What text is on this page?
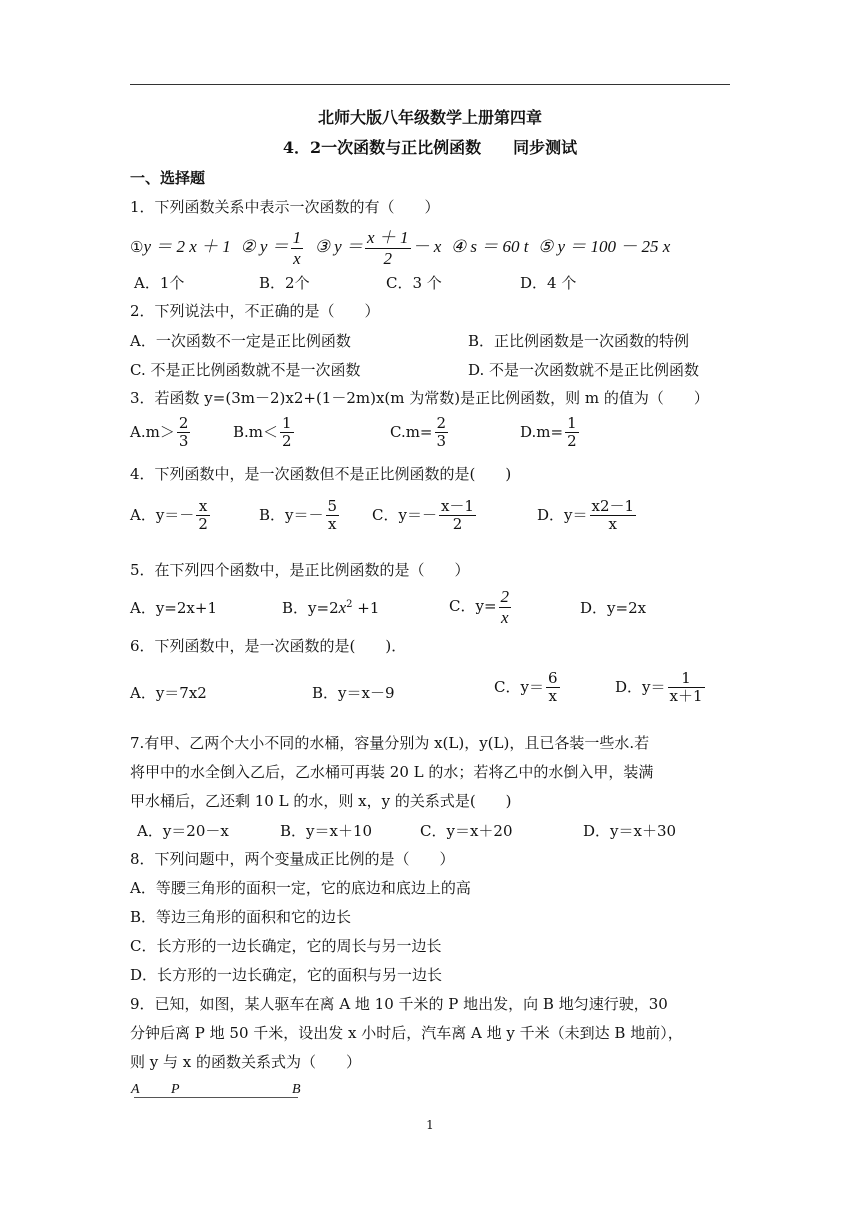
北师大版八年级数学上册第四章
4．2一次函数与正比例函数　　同步测试
一、选择题
1．下列函数关系中表示一次函数的有（　　）
①y ＝ 2 x ＋ 1 ② $y = \frac{1}{x}$ ③ $y = \frac{x + 1}{2} - x$ ④ s ＝ 60 t ⑤ y ＝ 100 － 25 x
A．1个	B．2个	C．3 个	D．4 个
2．下列说法中，不正确的是（　　）
A．一次函数不一定是正比例函数	B．正比例函数是一次函数的特例
C. 不是正比例函数就不是一次函数	D. 不是一次函数就不是正比例函数
3．若函数 y=(3m－2)x2+(1－2m)x(m 为常数)是正比例函数，则 m 的值为（　　）
$A.m> \frac{2}{3}$	$B.m< \frac{1}{2}$	$C.m= \frac{2}{3}$	$D.m= \frac{1}{2}$
4．下列函数中，是一次函数但不是正比例函数的是(　　)
A．$y=- \frac{x}{2}$	B．$y=- \frac{5}{x}$ C．$y=- \frac{x-1}{2}$	D．$y= \frac{x2-1}{x}$
5．在下列四个函数中，是正比例函数的是（　　）
A．y=2x+1	B．$y=2x^2 +1$	C．$y= \frac{2}{x}$	D．y=2x
6．下列函数中，是一次函数的是(　　)．
A．y＝7x2	B．y＝x－9	C．$y= \frac{6}{x}$	D．$y= \frac{1}{x+1}$
7.有甲、乙两个大小不同的水桶，容量分别为 x(L)，y(L)，且已各装一些水.若
将甲中的水全倒入乙后，乙水桶可再装 20 L 的水；若将乙中的水倒入甲，装满
甲水桶后，乙还剩 10 L 的水，则 x，y 的关系式是(　　)
A．y＝20－x	B．y＝x＋10	C．y＝x＋20	D．y＝x＋30
8．下列问题中，两个变量成正比例的是（　　）
A．等腰三角形的面积一定，它的底边和底边上的高
B．等边三角形的面积和它的边长
C．长方形的一边长确定，它的周长与另一边长
D．长方形的一边长确定，它的面积与另一边长
9．已知，如图，某人驱车在离 A 地 10 千米的 P 地出发，向 B 地匀速行驶，30
分钟后离 P 地 50 千米，设出发 x 小时后，汽车离 A 地 y 千米（未到达 B 地前），
则 y 与 x 的函数关系式为（　　）
A P	B
1
